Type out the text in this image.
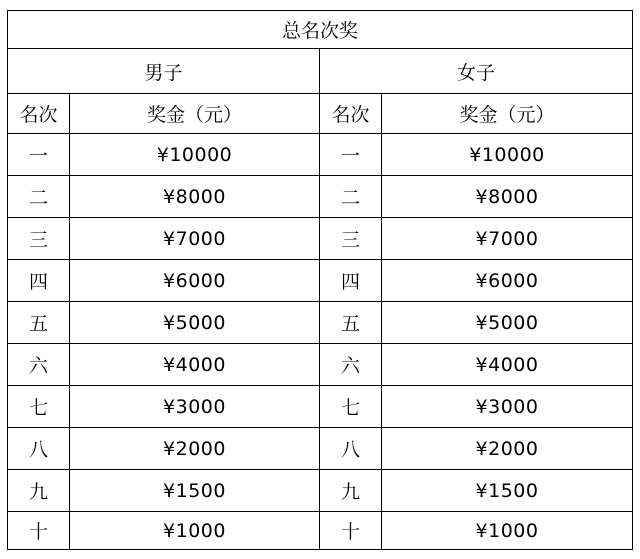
总名次奖			
男子		女子	
名次	奖金（元）	名次	奖金（元）
一	¥10000	一	¥10000
二	¥8000	二	¥8000
三	¥7000	三	¥7000
四	¥6000	四	¥6000
五	¥5000	五	¥5000
六	¥4000	六	¥4000
七	¥3000	七	¥3000
八	¥2000	八	¥2000
九	¥1500	九	¥1500
十	¥1000	十	¥1000
